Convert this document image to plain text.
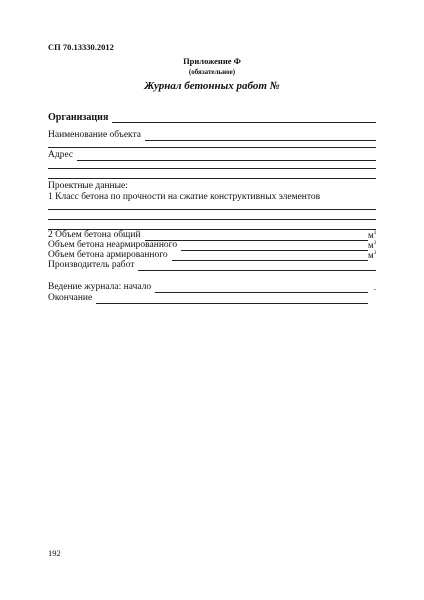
СП 70.13330.2012
Приложение Ф
(обязательное)
Журнал бетонных работ №
Организация
Наименование объекта
Адрес
Проектные данные:
1 Класс бетона по прочности на сжатие конструктивных элементов
2 Объем бетона общий	$м^3$
Объем бетона неармированного	$м^3$
Объем бетона армированного	$м^3$
Производитель работ
Ведение журнала: начало	.
Окончание
192
